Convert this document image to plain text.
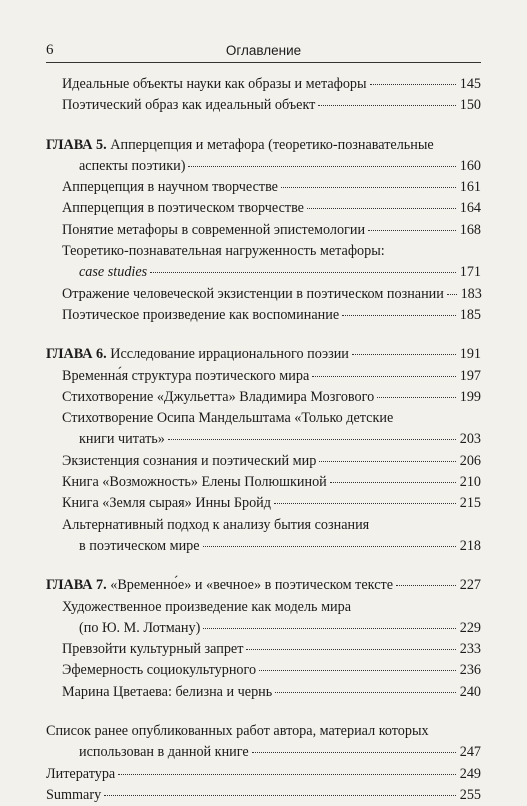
6	Оглавление
Идеальные объекты науки как образы и метафоры	145
Поэтический образ как идеальный объект	150
ГЛАВА 5.
Апперцепция и метафора (теоретико-познавательные
аспекты поэтики)	160
Апперцепция в научном творчестве	161
Апперцепция в поэтическом творчестве	164
Понятие метафоры в современной эпистемологии	168
Теоретико-познавательная нагруженность метафоры:
case studies	171
Отражение человеческой экзистенции в поэтическом познании 183
Поэтическое произведение как воспоминание	185
ГЛАВА 6.
Исследование иррационального поэзии	191
Временна́я структура поэтического мира	197
Стихотворение «Джульетта» Владимира Мозгового	199
Стихотворение Осипа Мандельштама «Только детские
книги читать»	203
Экзистенция сознания и поэтический мир	206
Книга «Возможность» Елены Полюшкиной	210
Книга «Земля сырая» Инны Бройд	215
Альтернативный подход к анализу бытия сознания
в поэтическом мире	218
ГЛАВА 7.
«Временно́е» и «вечное» в поэтическом тексте	227
Художественное произведение как модель мира
(по Ю. М. Лотману)	229
Превзойти культурный запрет	233
Эфемерность социокультурного	236
Марина Цветаева: белизна и чернь	240
Список ранее опубликованных работ автора, материал которых
использован в данной книге	247
Литература	249
Summary	255
